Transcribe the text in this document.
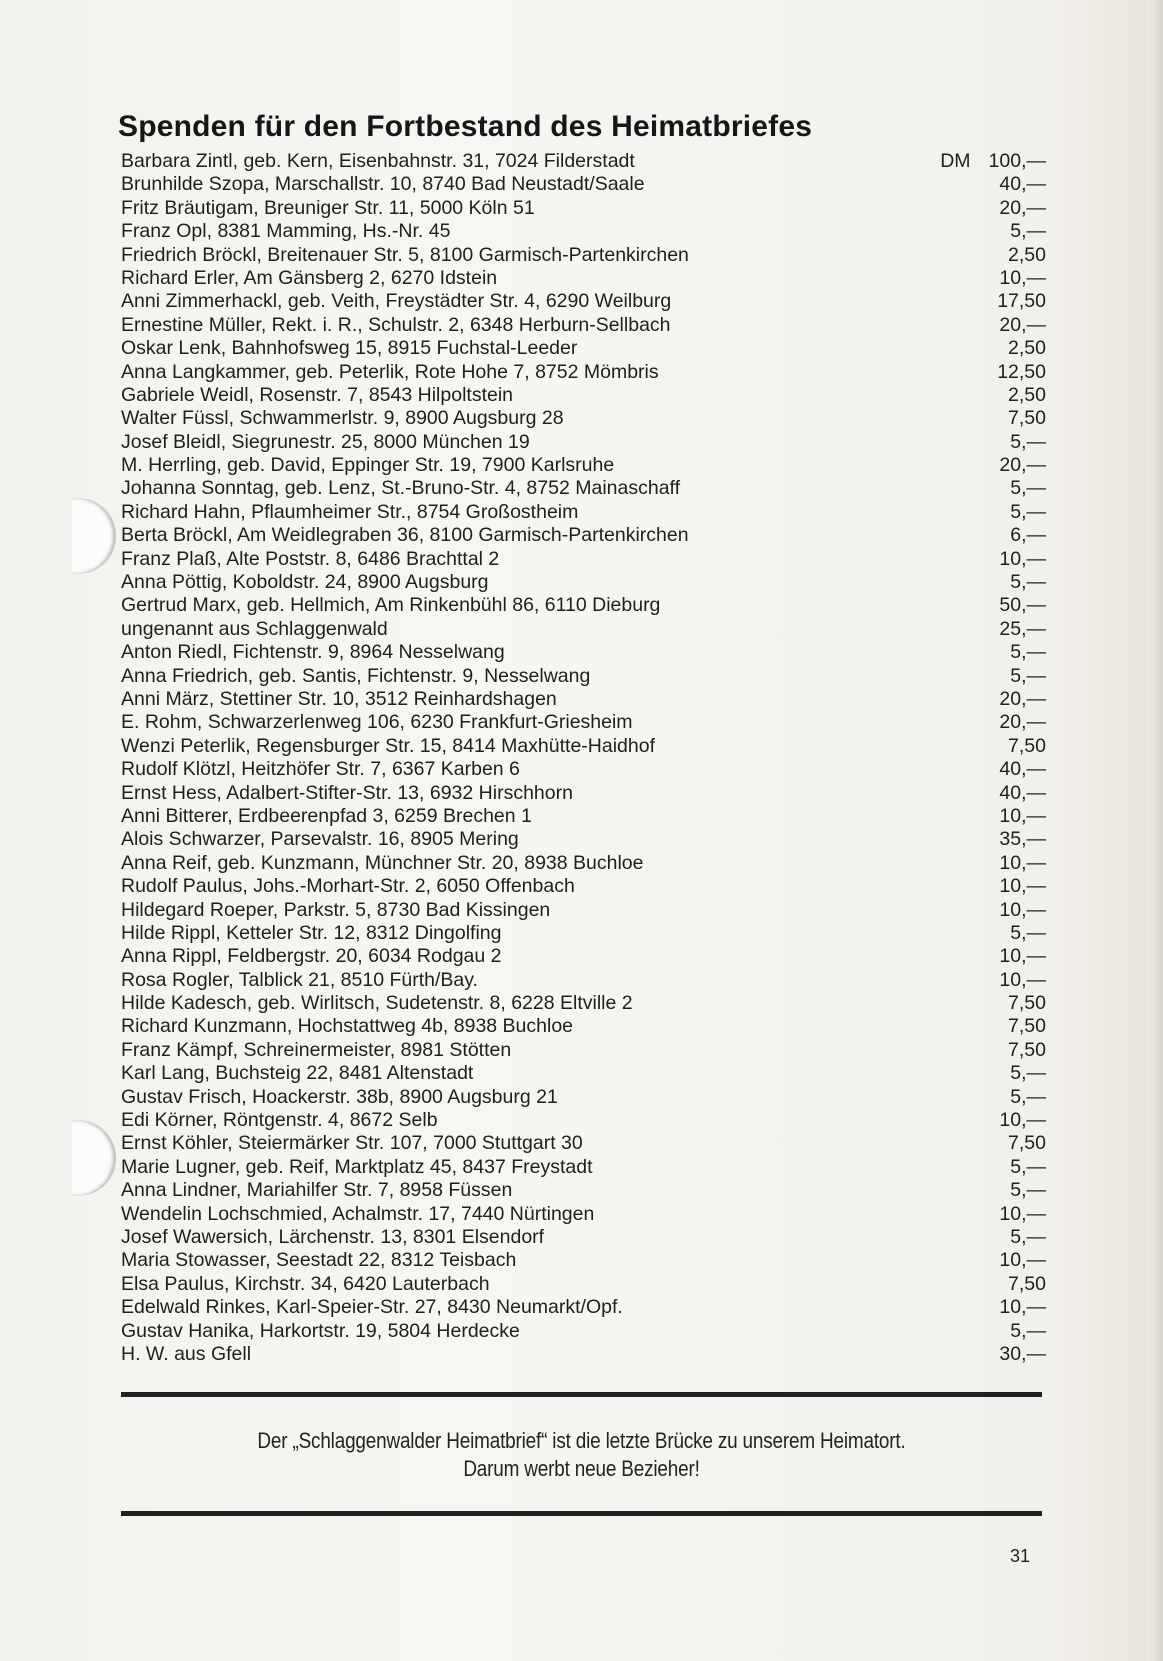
Spenden für den Fortbestand des Heimatbriefes
Barbara Zintl, geb. Kern, Eisenbahnstr. 31, 7024 Filderstadt	DM 100,—
Brunhilde Szopa, Marschallstr. 10, 8740 Bad Neustadt/Saale	40,—
Fritz Bräutigam, Breuniger Str. 11, 5000 Köln 51	20,—
Franz Opl, 8381 Mamming, Hs.-Nr. 45	5,—
Friedrich Bröckl, Breitenauer Str. 5, 8100 Garmisch-Partenkirchen	2,50
Richard Erler, Am Gänsberg 2, 6270 Idstein	10,—
Anni Zimmerhackl, geb. Veith, Freystädter Str. 4, 6290 Weilburg	17,50
Ernestine Müller, Rekt. i. R., Schulstr. 2, 6348 Herburn-Sellbach	20,—
Oskar Lenk, Bahnhofsweg 15, 8915 Fuchstal-Leeder	2,50
Anna Langkammer, geb. Peterlik, Rote Hohe 7, 8752 Mömbris	12,50
Gabriele Weidl, Rosenstr. 7, 8543 Hilpoltstein	2,50
Walter Füssl, Schwammerlstr. 9, 8900 Augsburg 28	7,50
Josef Bleidl, Siegrunestr. 25, 8000 München 19	5,—
M. Herrling, geb. David, Eppinger Str. 19, 7900 Karlsruhe	20,—
Johanna Sonntag, geb. Lenz, St.-Bruno-Str. 4, 8752 Mainaschaff	5,—
Richard Hahn, Pflaumheimer Str., 8754 Großostheim	5,—
Berta Bröckl, Am Weidlegraben 36, 8100 Garmisch-Partenkirchen	6,—
Franz Plaß, Alte Poststr. 8, 6486 Brachttal 2	10,—
Anna Pöttig, Koboldstr. 24, 8900 Augsburg	5,—
Gertrud Marx, geb. Hellmich, Am Rinkenbühl 86, 6110 Dieburg	50,—
ungenannt aus Schlaggenwald	25,—
Anton Riedl, Fichtenstr. 9, 8964 Nesselwang	5,—
Anna Friedrich, geb. Santis, Fichtenstr. 9, Nesselwang	5,—
Anni März, Stettiner Str. 10, 3512 Reinhardshagen	20,—
E. Rohm, Schwarzerlenweg 106, 6230 Frankfurt-Griesheim	20,—
Wenzi Peterlik, Regensburger Str. 15, 8414 Maxhütte-Haidhof	7,50
Rudolf Klötzl, Heitzhöfer Str. 7, 6367 Karben 6	40,—
Ernst Hess, Adalbert-Stifter-Str. 13, 6932 Hirschhorn	40,—
Anni Bitterer, Erdbeerenpfad 3, 6259 Brechen 1	10,—
Alois Schwarzer, Parsevalstr. 16, 8905 Mering	35,—
Anna Reif, geb. Kunzmann, Münchner Str. 20, 8938 Buchloe	10,—
Rudolf Paulus, Johs.-Morhart-Str. 2, 6050 Offenbach	10,—
Hildegard Roeper, Parkstr. 5, 8730 Bad Kissingen	10,—
Hilde Rippl, Ketteler Str. 12, 8312 Dingolfing	5,—
Anna Rippl, Feldbergstr. 20, 6034 Rodgau 2	10,—
Rosa Rogler, Talblick 21, 8510 Fürth/Bay.	10,—
Hilde Kadesch, geb. Wirlitsch, Sudetenstr. 8, 6228 Eltville 2	7,50
Richard Kunzmann, Hochstattweg 4b, 8938 Buchloe	7,50
Franz Kämpf, Schreinermeister, 8981 Stötten	7,50
Karl Lang, Buchsteig 22, 8481 Altenstadt	5,—
Gustav Frisch, Hoackerstr. 38b, 8900 Augsburg 21	5,—
Edi Körner, Röntgenstr. 4, 8672 Selb	10,—
Ernst Köhler, Steiermärker Str. 107, 7000 Stuttgart 30	7,50
Marie Lugner, geb. Reif, Marktplatz 45, 8437 Freystadt	5,—
Anna Lindner, Mariahilfer Str. 7, 8958 Füssen	5,—
Wendelin Lochschmied, Achalmstr. 17, 7440 Nürtingen	10,—
Josef Wawersich, Lärchenstr. 13, 8301 Elsendorf	5,—
Maria Stowasser, Seestadt 22, 8312 Teisbach	10,—
Elsa Paulus, Kirchstr. 34, 6420 Lauterbach	7,50
Edelwald Rinkes, Karl-Speier-Str. 27, 8430 Neumarkt/Opf.	10,—
Gustav Hanika, Harkortstr. 19, 5804 Herdecke	5,—
H. W. aus Gfell	30,—
Der „Schlaggenwalder Heimatbrief“ ist die letzte Brücke zu unserem Heimatort.
Darum werbt neue Bezieher!
31
